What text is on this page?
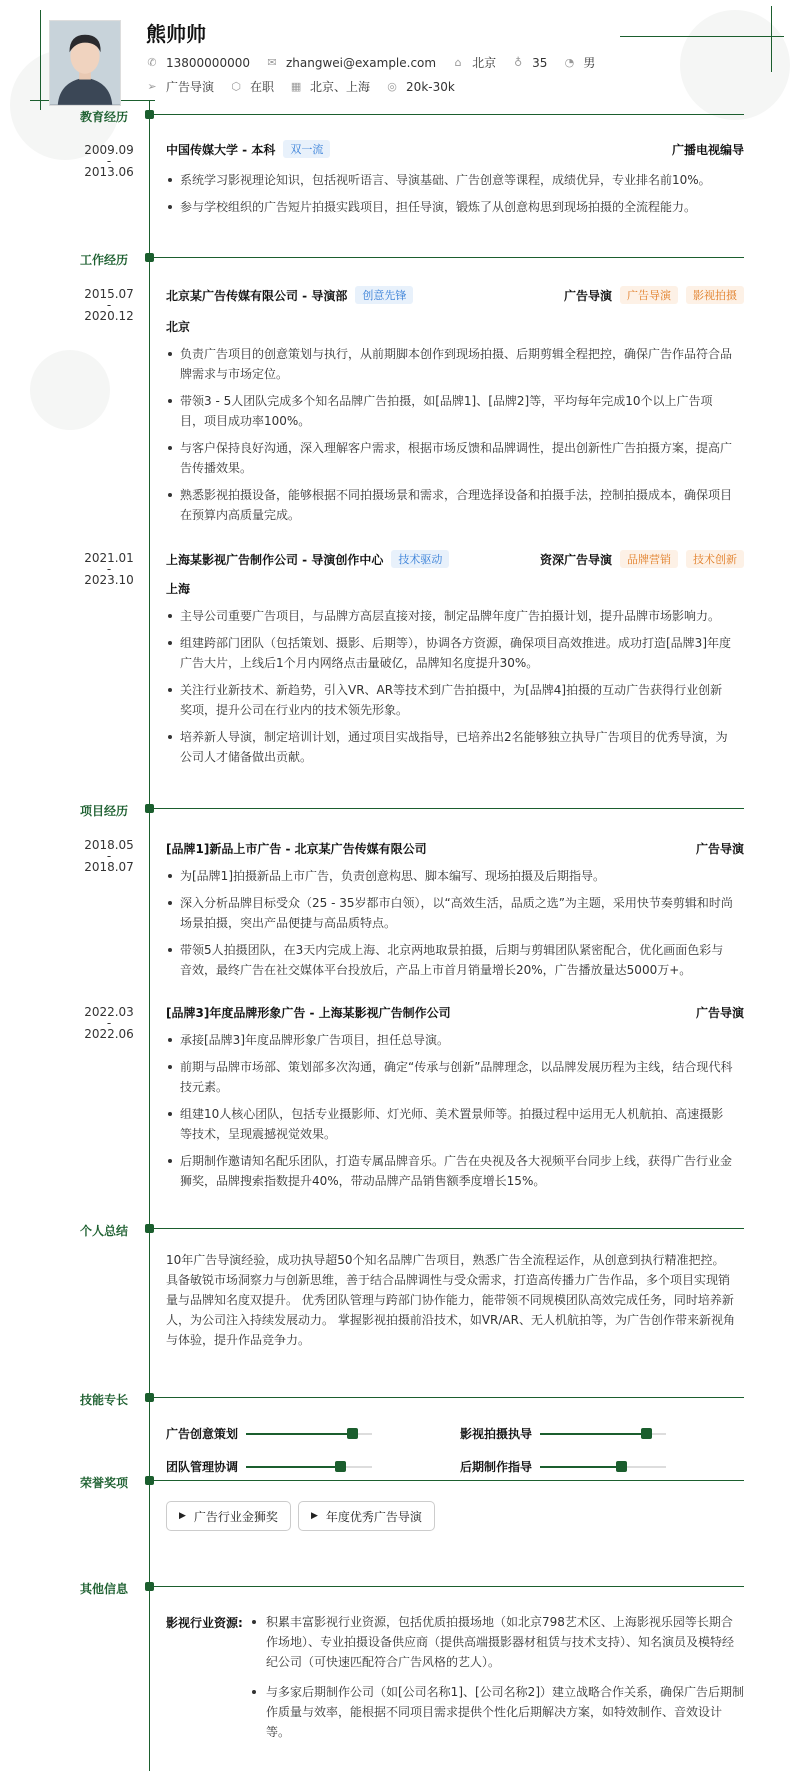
熊帅帅
✆ 13800000000 ✉ zhangwei@example.com ⌂ 北京 ♁ 35 ◔ 男
➢ 广告导演 ⬡ 在职 ▦ 北京、上海 ◎ 20k-30k
教育经历
2009.09
-
2013.06
中国传媒大学 - 本科	双一流	广播电视编导
系统学习影视理论知识，包括视听语言、导演基础、广告创意等课程，成绩优异，专业排名前10%。
参与学校组织的广告短片拍摄实践项目，担任导演，锻炼了从创意构思到现场拍摄的全流程能力。
工作经历
2015.07
-
2020.12
北京某广告传媒有限公司 - 导演部	创意先锋	广告导演	广告导演	影视拍摄
北京
负责广告项目的创意策划与执行，从前期脚本创作到现场拍摄、后期剪辑全程把控，确保广告作品符合品牌需求与市场定位。
带领3 - 5人团队完成多个知名品牌广告拍摄，如[品牌1]、[品牌2]等，平均每年完成10个以上广告项目，项目成功率100%。
与客户保持良好沟通，深入理解客户需求，根据市场反馈和品牌调性，提出创新性广告拍摄方案，提高广告传播效果。
熟悉影视拍摄设备，能够根据不同拍摄场景和需求，合理选择设备和拍摄手法，控制拍摄成本，确保项目在预算内高质量完成。
2021.01
-
2023.10
上海某影视广告制作公司 - 导演创作中心	技术驱动	资深广告导演	品牌营销	技术创新
上海
主导公司重要广告项目，与品牌方高层直接对接，制定品牌年度广告拍摄计划，提升品牌市场影响力。
组建跨部门团队（包括策划、摄影、后期等），协调各方资源，确保项目高效推进。成功打造[品牌3]年度广告大片，上线后1个月内网络点击量破亿，品牌知名度提升30%。
关注行业新技术、新趋势，引入VR、AR等技术到广告拍摄中，为[品牌4]拍摄的互动广告获得行业创新奖项，提升公司在行业内的技术领先形象。
培养新人导演，制定培训计划，通过项目实战指导，已培养出2名能够独立执导广告项目的优秀导演，为公司人才储备做出贡献。
项目经历
2018.05
-
2018.07
[品牌1]新品上市广告 - 北京某广告传媒有限公司	广告导演
为[品牌1]拍摄新品上市广告，负责创意构思、脚本编写、现场拍摄及后期指导。
深入分析品牌目标受众（25 - 35岁都市白领），以“高效生活，品质之选”为主题，采用快节奏剪辑和时尚场景拍摄，突出产品便捷与高品质特点。
带领5人拍摄团队，在3天内完成上海、北京两地取景拍摄，后期与剪辑团队紧密配合，优化画面色彩与音效，最终广告在社交媒体平台投放后，产品上市首月销量增长20%，广告播放量达5000万+。
2022.03
-
2022.06
[品牌3]年度品牌形象广告 - 上海某影视广告制作公司	广告导演
承接[品牌3]年度品牌形象广告项目，担任总导演。
前期与品牌市场部、策划部多次沟通，确定“传承与创新”品牌理念，以品牌发展历程为主线，结合现代科技元素。
组建10人核心团队，包括专业摄影师、灯光师、美术置景师等。拍摄过程中运用无人机航拍、高速摄影等技术，呈现震撼视觉效果。
后期制作邀请知名配乐团队，打造专属品牌音乐。广告在央视及各大视频平台同步上线，获得广告行业金狮奖，品牌搜索指数提升40%，带动品牌产品销售额季度增长15%。
个人总结
10年广告导演经验，成功执导超50个知名品牌广告项目，熟悉广告全流程运作，从创意到执行精准把控。 具备敏锐市场洞察力与创新思维，善于结合品牌调性与受众需求，打造高传播力广告作品，多个项目实现销量与品牌知名度双提升。 优秀团队管理与跨部门协作能力，能带领不同规模团队高效完成任务，同时培养新人，为公司注入持续发展动力。 掌握影视拍摄前沿技术，如VR/AR、无人机航拍等，为广告创作带来新视角与体验，提升作品竞争力。
技能专长
广告创意策划	影视拍摄执导
团队管理协调	后期制作指导
荣誉奖项
▶ 广告行业金狮奖	▶ 年度优秀广告导演
其他信息
影视行业资源:	积累丰富影视行业资源，包括优质拍摄场地（如北京798艺术区、上海影视乐园等长期合作场地）、专业拍摄设备供应商（提供高端摄影器材租赁与技术支持）、知名演员及模特经纪公司（可快速匹配符合广告风格的艺人）。
与多家后期制作公司（如[公司名称1]、[公司名称2]）建立战略合作关系，确保广告后期制作质量与效率，能根据不同项目需求提供个性化后期解决方案，如特效制作、音效设计等。
